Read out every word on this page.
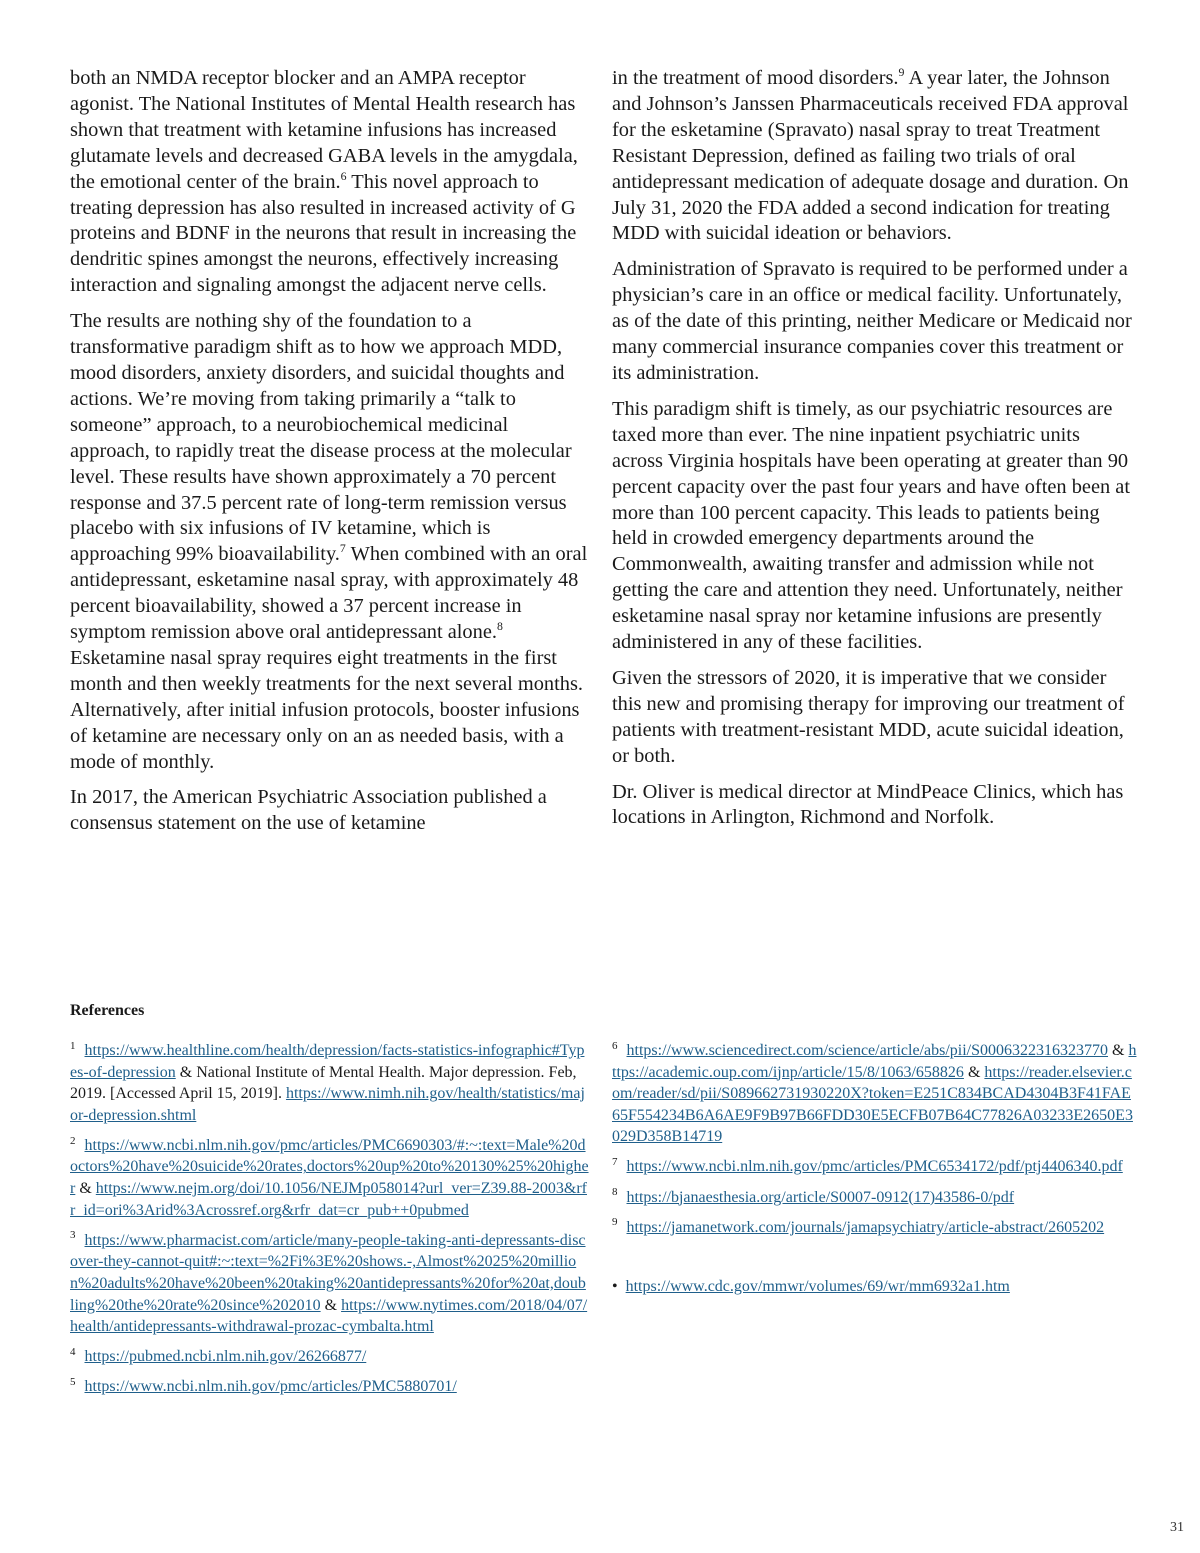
both an NMDA receptor blocker and an AMPA receptor agonist. The National Institutes of Mental Health research has shown that treatment with ketamine infusions has increased glutamate levels and decreased GABA levels in the amygdala, the emotional center of the brain.$^6$ This novel approach to treating depression has also resulted in increased activity of G proteins and BDNF in the neurons that result in increasing the dendritic spines amongst the neurons, effectively increasing interaction and signaling amongst the adjacent nerve cells.

The results are nothing shy of the foundation to a transformative paradigm shift as to how we approach MDD, mood disorders, anxiety disorders, and suicidal thoughts and actions. We’re moving from taking primarily a “talk to someone” approach, to a neurobiochemical medicinal approach, to rapidly treat the disease process at the molecular level. These results have shown approximately a 70 percent response and 37.5 percent rate of long-term remission versus placebo with six infusions of IV ketamine, which is approaching 99% bioavailability.$^7$ When combined with an oral antidepressant, esketamine nasal spray, with approximately 48 percent bioavailability, showed a 37 percent increase in symptom remission above oral antidepressant alone.$^8$ Esketamine nasal spray requires eight treatments in the first month and then weekly treatments for the next several months. Alternatively, after initial infusion protocols, booster infusions of ketamine are necessary only on an as needed basis, with a mode of monthly.

In 2017, the American Psychiatric Association published a consensus statement on the use of ketamine

in the treatment of mood disorders.$^9$ A year later, the Johnson and Johnson’s Janssen Pharmaceuticals received FDA approval for the esketamine (Spravato) nasal spray to treat Treatment Resistant Depression, defined as failing two trials of oral antidepressant medication of adequate dosage and duration. On July 31, 2020 the FDA added a second indication for treating MDD with suicidal ideation or behaviors.

Administration of Spravato is required to be performed under a physician’s care in an office or medical facility. Unfortunately, as of the date of this printing, neither Medicare or Medicaid nor many commercial insurance companies cover this treatment or its administration.

This paradigm shift is timely, as our psychiatric resources are taxed more than ever. The nine inpatient psychiatric units across Virginia hospitals have been operating at greater than 90 percent capacity over the past four years and have often been at more than 100 percent capacity. This leads to patients being held in crowded emergency departments around the Commonwealth, awaiting transfer and admission while not getting the care and attention they need. Unfortunately, neither esketamine nasal spray nor ketamine infusions are presently administered in any of these facilities.

Given the stressors of 2020, it is imperative that we consider this new and promising therapy for improving our treatment of patients with treatment-resistant MDD, acute suicidal ideation, or both.

Dr. Oliver is medical director at MindPeace Clinics, which has locations in Arlington, Richmond and Norfolk.

References
$^1$ https://www.healthline.com/health/depression/facts-statistics-infographic#Types-of-depression & National Institute of Mental Health. Major depression. Feb, 2019. [Accessed April 15, 2019]. https://www.nimh.nih.gov/health/statistics/major-depression.shtml
$^2$ https://www.ncbi.nlm.nih.gov/pmc/articles/PMC6690303/#:~:text=Male%20doctors%20have%20suicide%20rates,doctors%20up%20to%20130%25%20higher & https://www.nejm.org/doi/10.1056/NEJMp058014?url_ver=Z39.88-2003&rfr_id=ori%3Arid%3Acrossref.org&rfr_dat=cr_pub++0pubmed
$^3$ https://www.pharmacist.com/article/many-people-taking-anti-depressants-discover-they-cannot-quit#:~:text=%2Fi%3E%20shows.-,Almost%2025%20million%20adults%20have%20been%20taking%20antidepressants%20for%20at,doubling%20the%20rate%20since%202010 & https://www.nytimes.com/2018/04/07/health/antidepressants-withdrawal-prozac-cymbalta.html
$^4$ https://pubmed.ncbi.nlm.nih.gov/26266877/
$^5$ https://www.ncbi.nlm.nih.gov/pmc/articles/PMC5880701/
$^6$ https://www.sciencedirect.com/science/article/abs/pii/S0006322316323770 & https://academic.oup.com/ijnp/article/15/8/1063/658826 & https://reader.elsevier.com/reader/sd/pii/S089662731930220X?token=E251C834BCAD4304B3F41FAE65F554234B6A6AE9F9B97B66FDD30E5ECFB07B64C77826A03233E2650E3029D358B14719
$^7$ https://www.ncbi.nlm.nih.gov/pmc/articles/PMC6534172/pdf/ptj4406340.pdf
$^8$ https://bjanaesthesia.org/article/S0007-0912(17)43586-0/pdf
$^9$ https://jamanetwork.com/journals/jamapsychiatry/article-abstract/2605202
• https://www.cdc.gov/mmwr/volumes/69/wr/mm6932a1.htm
31
